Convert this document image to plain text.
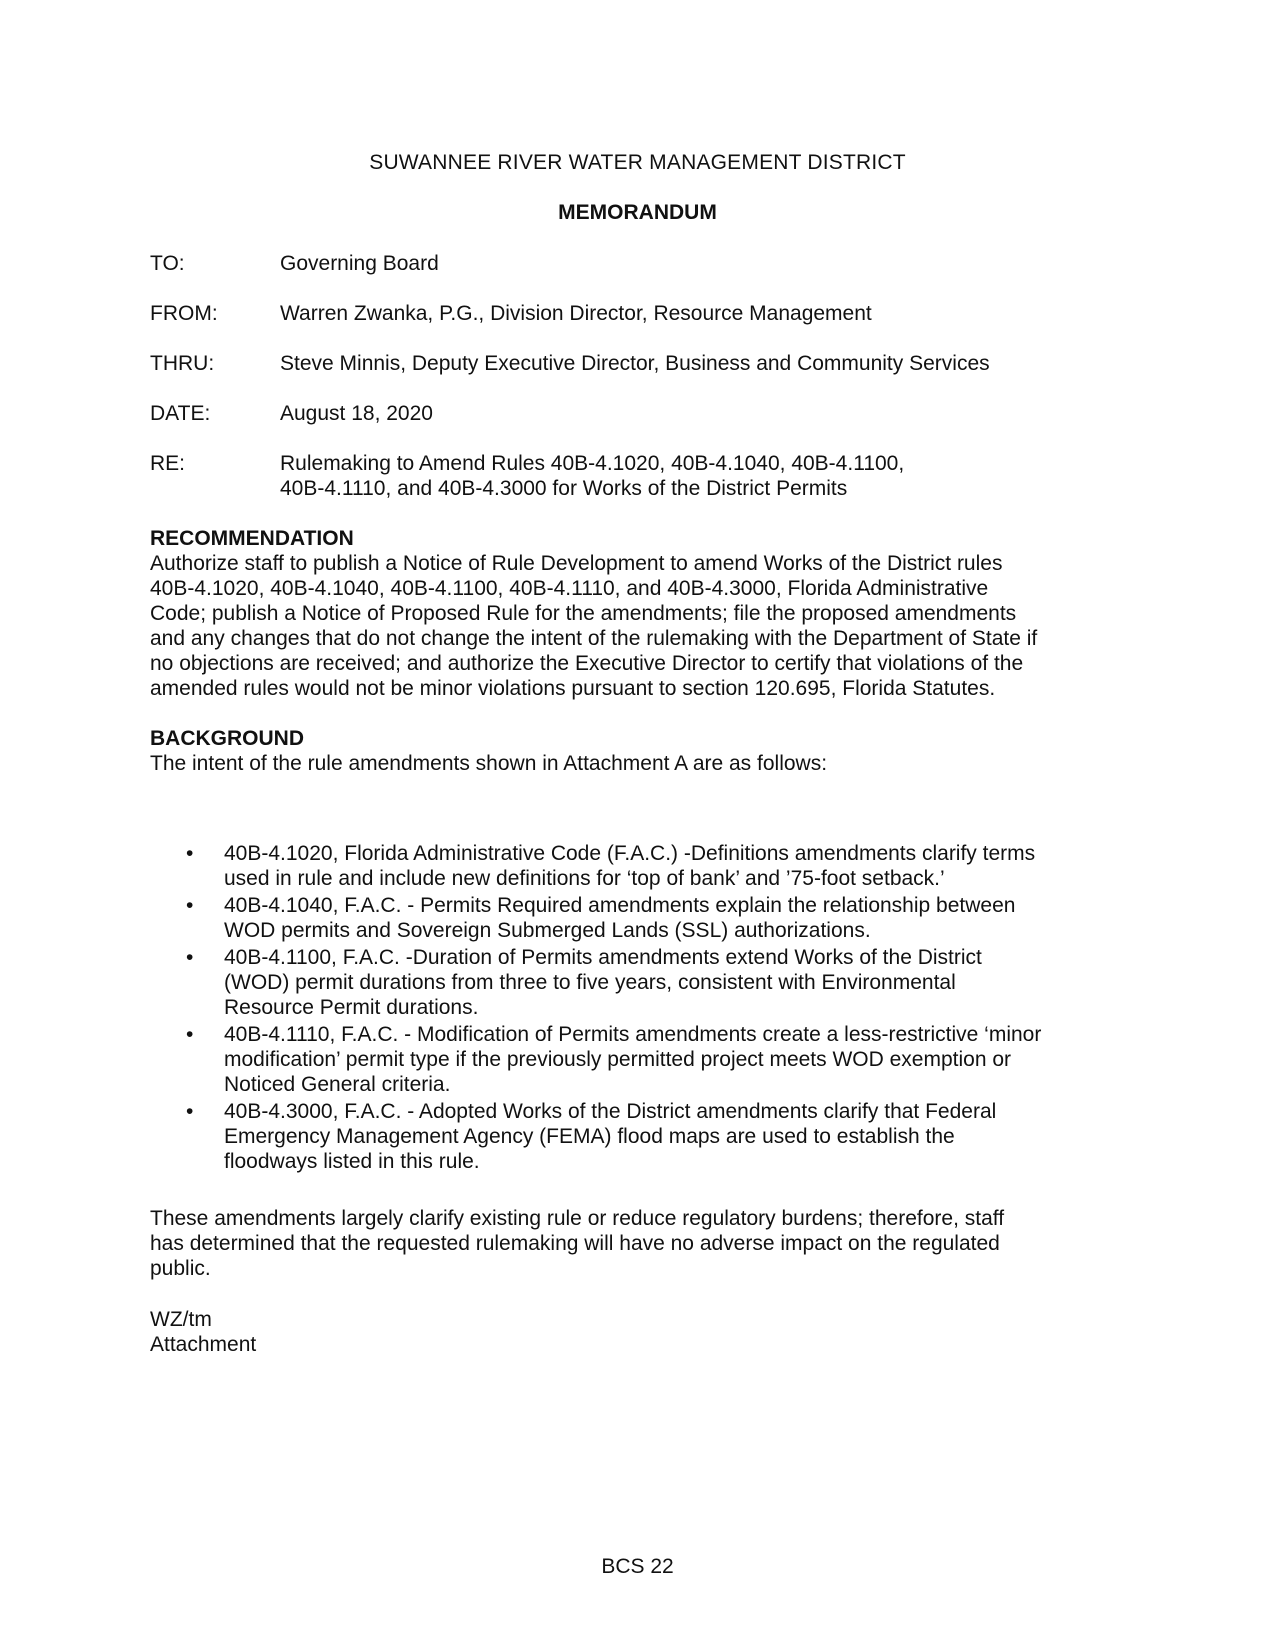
SUWANNEE RIVER WATER MANAGEMENT DISTRICT
MEMORANDUM
TO:	Governing Board
FROM:	Warren Zwanka, P.G., Division Director, Resource Management
THRU:	Steve Minnis, Deputy Executive Director, Business and Community Services
DATE:	August 18, 2020
RE:	Rulemaking to Amend Rules 40B-4.1020, 40B-4.1040, 40B-4.1100,
40B-4.1110, and 40B-4.3000 for Works of the District Permits
RECOMMENDATION

Authorize staff to publish a Notice of Rule Development to amend Works of the District rules
40B-4.1020, 40B-4.1040, 40B-4.1100, 40B-4.1110, and 40B-4.3000, Florida Administrative
Code; publish a Notice of Proposed Rule for the amendments; file the proposed amendments
and any changes that do not change the intent of the rulemaking with the Department of State if
no objections are received; and authorize the Executive Director to certify that violations of the
amended rules would not be minor violations pursuant to section 120.695, Florida Statutes.

BACKGROUND

The intent of the rule amendments shown in Attachment A are as follows:

• 40B-4.1020, Florida Administrative Code (F.A.C.) -Definitions amendments clarify terms
used in rule and include new definitions for ‘top of bank’ and ’75-foot setback.’
• 40B-4.1040, F.A.C. - Permits Required amendments explain the relationship between
WOD permits and Sovereign Submerged Lands (SSL) authorizations.
• 40B-4.1100, F.A.C. -Duration of Permits amendments extend Works of the District
(WOD) permit durations from three to five years, consistent with Environmental
Resource Permit durations.
• 40B-4.1110, F.A.C. - Modification of Permits amendments create a less-restrictive ‘minor
modification’ permit type if the previously permitted project meets WOD exemption or
Noticed General criteria.
• 40B-4.3000, F.A.C. - Adopted Works of the District amendments clarify that Federal
Emergency Management Agency (FEMA) flood maps are used to establish the
floodways listed in this rule.
These amendments largely clarify existing rule or reduce regulatory burdens; therefore, staff
has determined that the requested rulemaking will have no adverse impact on the regulated
public.
WZ/tm
Attachment
BCS 22
